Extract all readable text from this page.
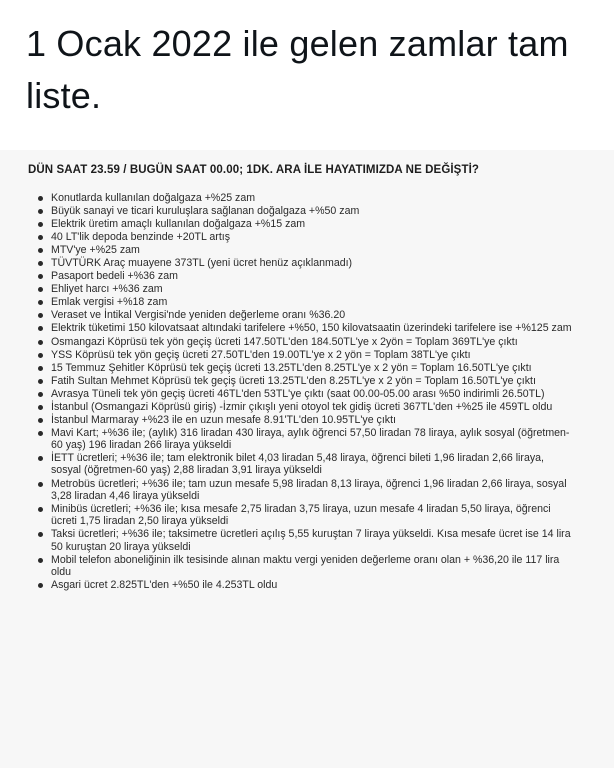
1 Ocak 2022 ile gelen zamlar tam liste.
DÜN SAAT 23.59 / BUGÜN SAAT 00.00; 1DK. ARA İLE HAYATIMIZDA NE DEĞİŞTİ?
Konutlarda kullanılan doğalgaza +%25 zam
Büyük sanayi ve ticari kuruluşlara sağlanan doğalgaza +%50 zam
Elektrik üretim amaçlı kullanılan doğalgaza +%15 zam
40 LT'lik depoda benzinde +20TL artış
MTV'ye +%25 zam
TÜVTÜRK Araç muayene 373TL (yeni ücret henüz açıklanmadı)
Pasaport bedeli +%36 zam
Ehliyet harcı +%36 zam
Emlak vergisi +%18 zam
Veraset ve İntikal Vergisi'nde yeniden değerleme oranı %36.20
Elektrik tüketimi 150 kilovatsaat altındaki tarifelere +%50, 150 kilovatsaatin üzerindeki tarifelere ise +%125 zam
Osmangazi Köprüsü tek yön geçiş ücreti 147.50TL'den 184.50TL'ye x 2yön = Toplam 369TL'ye çıktı
YSS Köprüsü tek yön geçiş ücreti 27.50TL'den 19.00TL'ye x 2 yön = Toplam 38TL'ye çıktı
15 Temmuz Şehitler Köprüsü tek geçiş ücreti 13.25TL'den 8.25TL'ye x 2 yön = Toplam 16.50TL'ye çıktı
Fatih Sultan Mehmet Köprüsü tek geçiş ücreti 13.25TL'den 8.25TL'ye x 2 yön = Toplam 16.50TL'ye çıktı
Avrasya Tüneli tek yön geçiş ücreti 46TL'den 53TL'ye çıktı (saat 00.00-05.00 arası %50 indirimli 26.50TL)
İstanbul (Osmangazi Köprüsü giriş) -İzmir çıkışlı yeni otoyol tek gidiş ücreti 367TL'den +%25 ile 459TL oldu
İstanbul Marmaray +%23 ile en uzun mesafe 8.91'TL'den 10.95TL'ye çıktı
Mavi Kart; +%36 ile; (aylık) 316 liradan 430 liraya, aylık öğrenci 57,50 liradan 78 liraya, aylık sosyal (öğretmen-60 yaş) 196 liradan 266 liraya yükseldi
İETT ücretleri; +%36 ile; tam elektronik bilet 4,03 liradan 5,48 liraya, öğrenci bileti 1,96 liradan 2,66 liraya, sosyal (öğretmen-60 yaş) 2,88 liradan 3,91 liraya yükseldi
Metrobüs ücretleri; +%36 ile; tam uzun mesafe 5,98 liradan 8,13 liraya, öğrenci 1,96 liradan 2,66 liraya, sosyal 3,28 liradan 4,46 liraya yükseldi
Minibüs ücretleri; +%36 ile; kısa mesafe 2,75 liradan 3,75 liraya, uzun mesafe 4 liradan 5,50 liraya, öğrenci ücreti 1,75 liradan 2,50 liraya yükseldi
Taksi ücretleri; +%36 ile; taksimetre ücretleri açılış 5,55 kuruştan 7 liraya yükseldi. Kısa mesafe ücret ise 14 lira 50 kuruştan 20 liraya yükseldi
Mobil telefon aboneliğinin ilk tesisinde alınan maktu vergi yeniden değerleme oranı olan + %36,20 ile 117 lira oldu
Asgari ücret 2.825TL'den +%50 ile 4.253TL oldu
